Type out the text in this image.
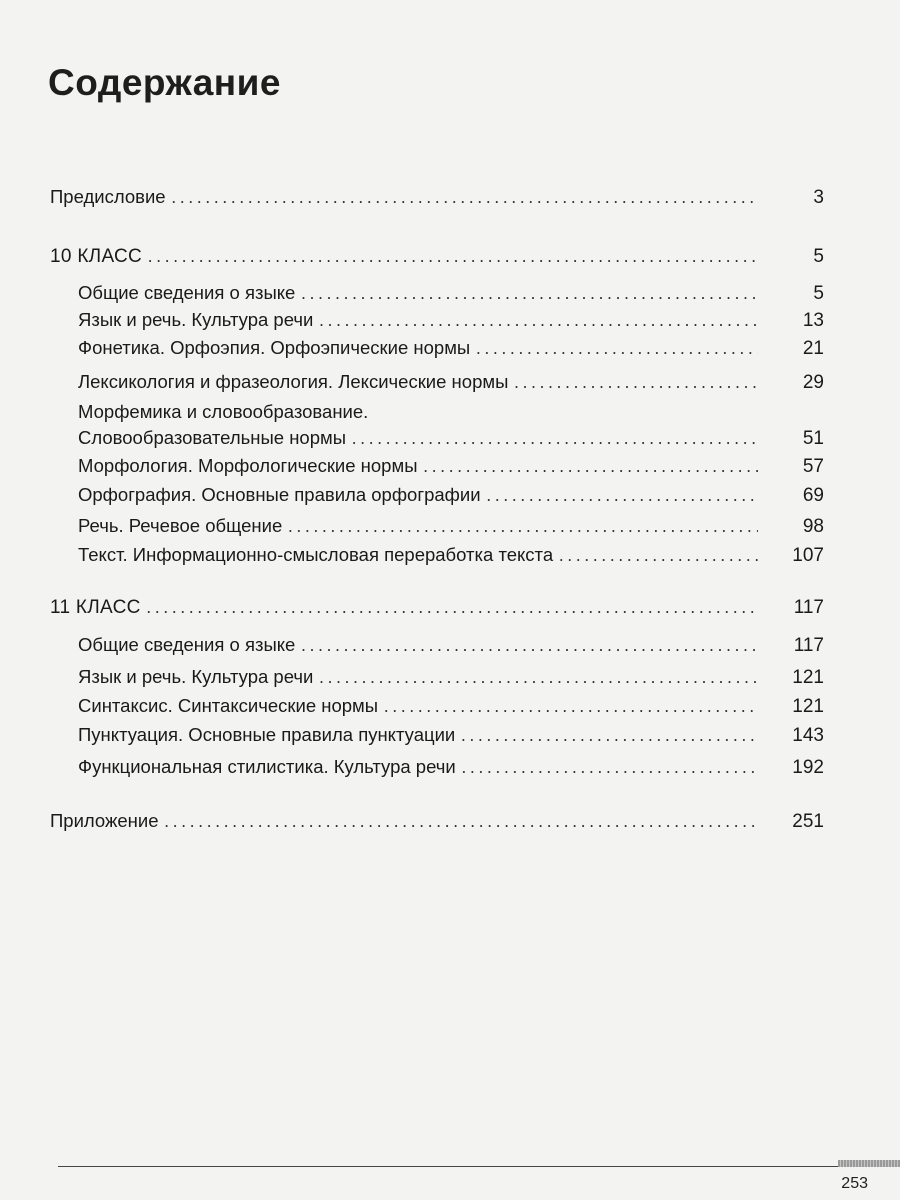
Содержание
Предисловие . . .	3
10 КЛАСС . . .	5
Общие сведения о языке . . .	5
Язык и речь. Культура речи . . .	13
Фонетика. Орфоэпия. Орфоэпические нормы . . .	21
Лексикология и фразеология. Лексические нормы . . .	29
Морфемика и словообразование.
Словообразовательные нормы . . .	51
Морфология. Морфологические нормы . . .	57
Орфография. Основные правила орфографии . . .	69
Речь. Речевое общение . . .	98
Текст. Информационно-смысловая переработка текста . . .	107
11 КЛАСС . . .	117
Общие сведения о языке . . .	117
Язык и речь. Культура речи . . .	121
Синтаксис. Синтаксические нормы . . .	121
Пунктуация. Основные правила пунктуации . . .	143
Функциональная стилистика. Культура речи . . .	192
Приложение . . .	251
253
